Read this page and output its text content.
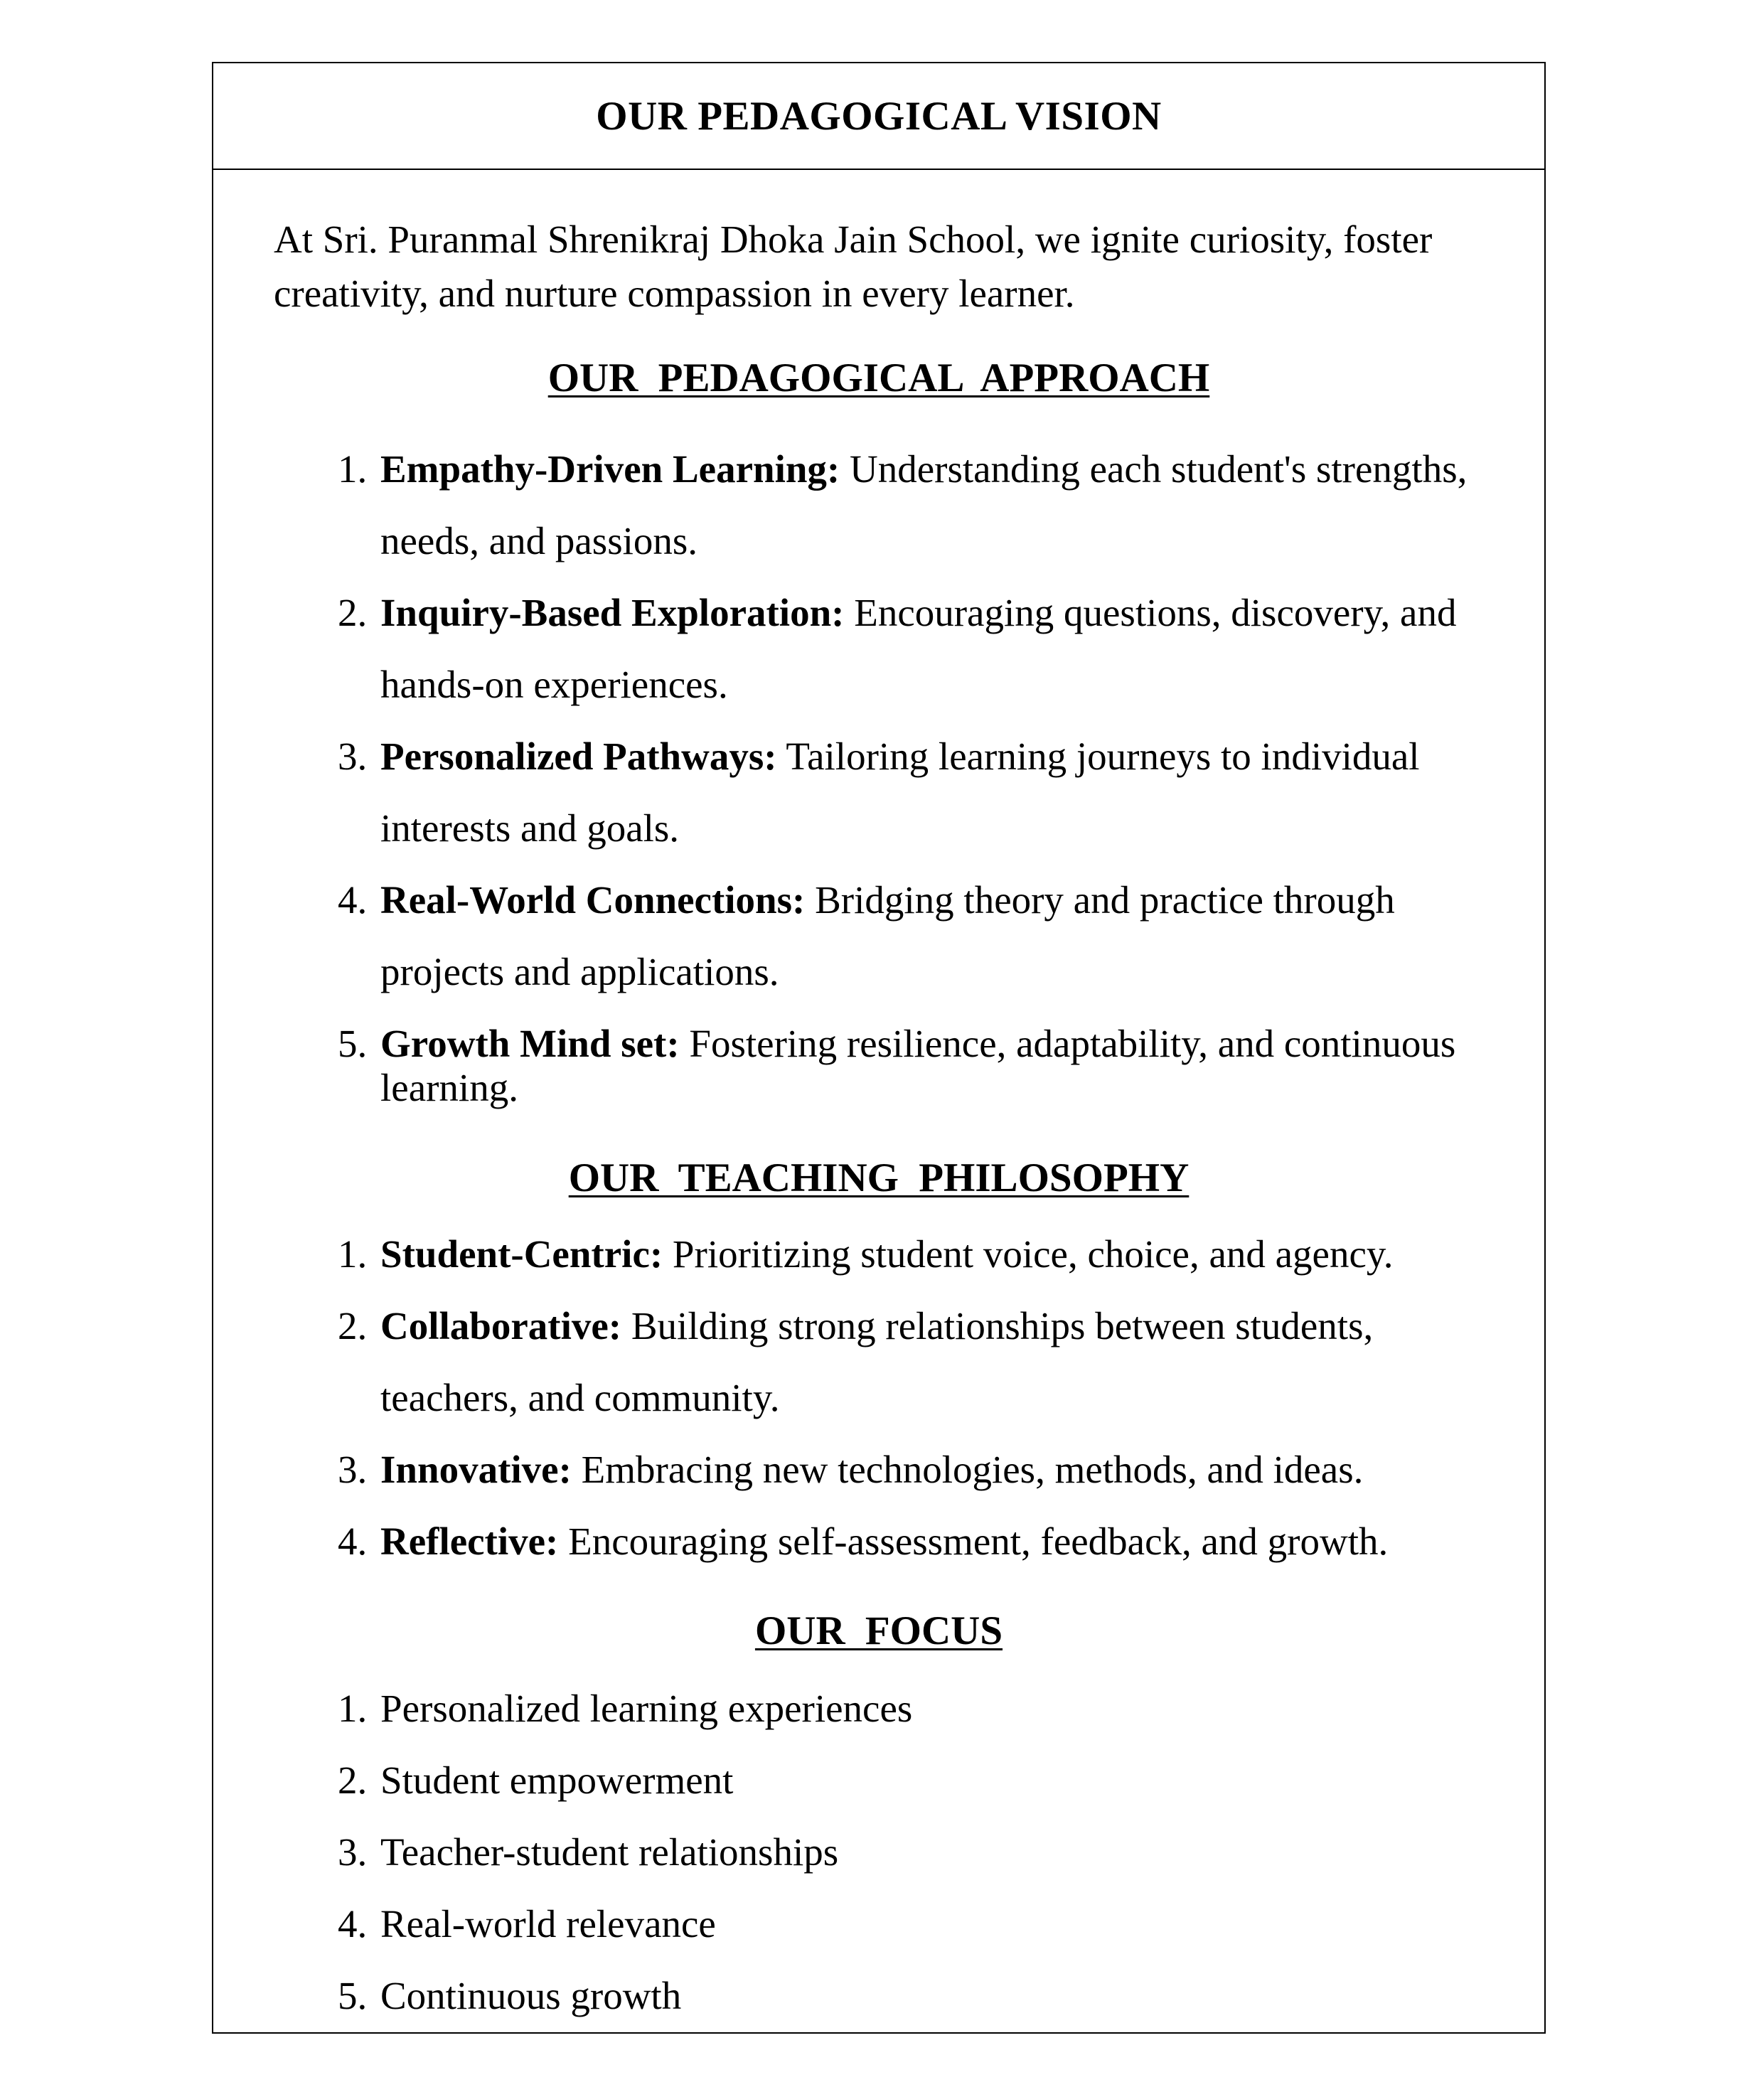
OUR PEDAGOGICAL VISION
At Sri. Puranmal Shrenikraj Dhoka Jain School, we ignite curiosity, foster
creativity, and nurture compassion in every learner.
OUR PEDAGOGICAL APPROACH
1. Empathy-Driven Learning: Understanding each student's strengths,
needs, and passions.
2. Inquiry-Based Exploration: Encouraging questions, discovery, and
hands-on experiences.
3. Personalized Pathways: Tailoring learning journeys to individual
interests and goals.
4. Real-World Connections: Bridging theory and practice through
projects and applications.
5. Growth Mind set: Fostering resilience, adaptability, and continuous
learning.
OUR TEACHING PHILOSOPHY
1. Student-Centric: Prioritizing student voice, choice, and agency.
2. Collaborative: Building strong relationships between students,
teachers, and community.
3. Innovative: Embracing new technologies, methods, and ideas.
4. Reflective: Encouraging self-assessment, feedback, and growth.
OUR FOCUS
1. Personalized learning experiences
2. Student empowerment
3. Teacher-student relationships
4. Real-world relevance
5. Continuous growth
